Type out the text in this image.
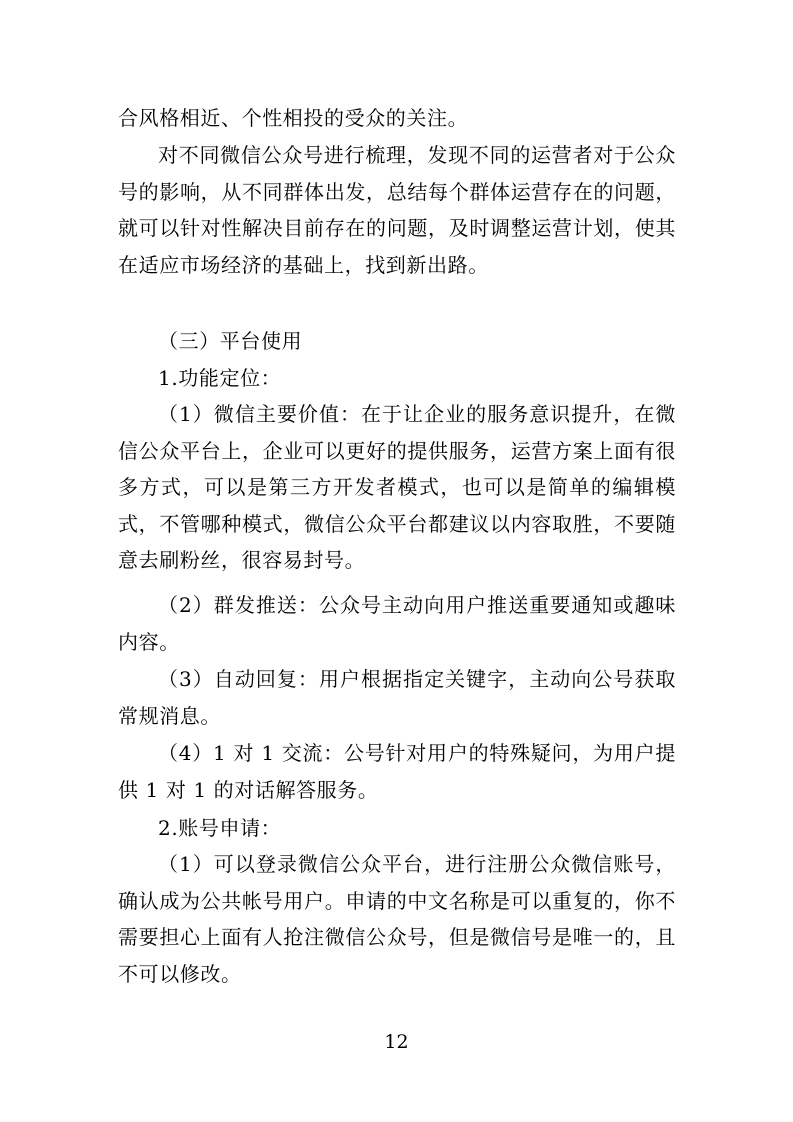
合风格相近、个性相投的受众的关注。

对不同微信公众号进行梳理，发现不同的运营者对于公众号的影响，从不同群体出发，总结每个群体运营存在的问题，就可以针对性解决目前存在的问题，及时调整运营计划，使其在适应市场经济的基础上，找到新出路。

（三）平台使用

1.功能定位：

（1）微信主要价值：在于让企业的服务意识提升，在微信公众平台上，企业可以更好的提供服务，运营方案上面有很多方式，可以是第三方开发者模式，也可以是简单的编辑模式，不管哪种模式，微信公众平台都建议以内容取胜，不要随意去刷粉丝，很容易封号。

（2）群发推送：公众号主动向用户推送重要通知或趣味内容。

（3）自动回复：用户根据指定关键字，主动向公号获取常规消息。

（4）1 对 1 交流：公号针对用户的特殊疑问，为用户提供 1 对 1 的对话解答服务。

2.账号申请：

（1）可以登录微信公众平台，进行注册公众微信账号，确认成为公共帐号用户。申请的中文名称是可以重复的，你不需要担心上面有人抢注微信公众号，但是微信号是唯一的，且不可以修改。

12
